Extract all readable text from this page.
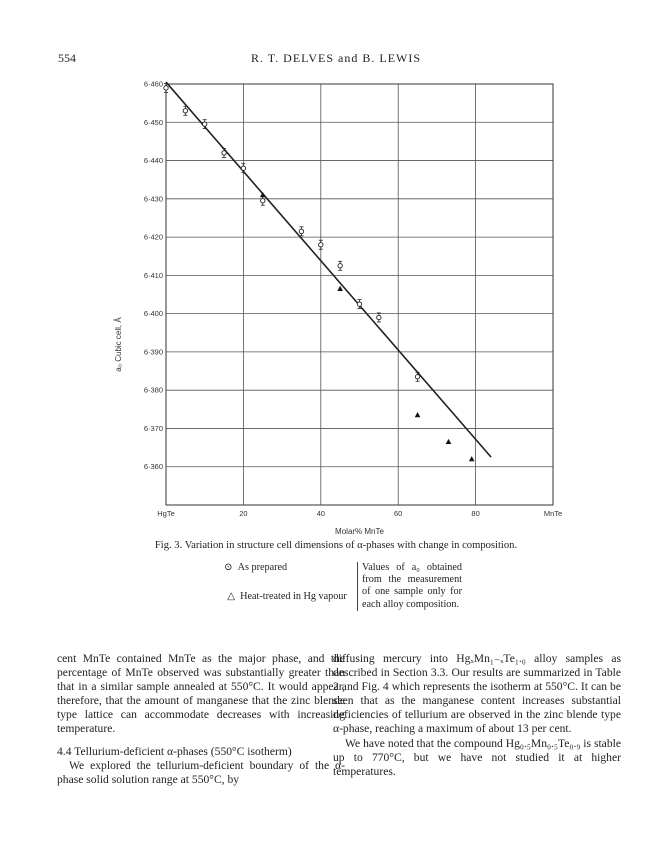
554	R. T. DELVES and B. LEWIS
6·460
6·450
6·440
6·430
6·420
6·410
6·400
6·390
6·380
6·370
6·360
HgTe	20	40	60	80	MnTe
Molar% MnTe
a₀ Cubic cell, Å
Fig. 3. Variation in structure cell dimensions of α-phases with change in composition.
⊙ As prepared
△ Heat-treated in Hg vapour
Values of a₀ obtained from the measurement of one sample only for each alloy composition.

cent MnTe contained MnTe as the major phase, and the percentage of MnTe observed was substantially greater than that in a similar sample annealed at 550°C. It would appear, therefore, that the amount of manganese that the zinc blende type lattice can accommodate decreases with increasing temperature.

4.4 Tellurium-deficient α-phases (550°C isotherm)

We explored the tellurium-deficient boundary of the α-phase solid solution range at 550°C, by

diffusing mercury into HgₓMn₁₋ₓTe₁.₀ alloy samples as described in Section 3.3. Our results are summarized in Table 2 and Fig. 4 which represents the isotherm at 550°C. It can be seen that as the manganese content increases substantial deficiencies of tellurium are observed in the zinc blende type α-phase, reaching a maximum of about 13 per cent.

We have noted that the compound Hg₀.₅Mn₀.₅Te₀.₉ is stable up to 770°C, but we have not studied it at higher temperatures.
